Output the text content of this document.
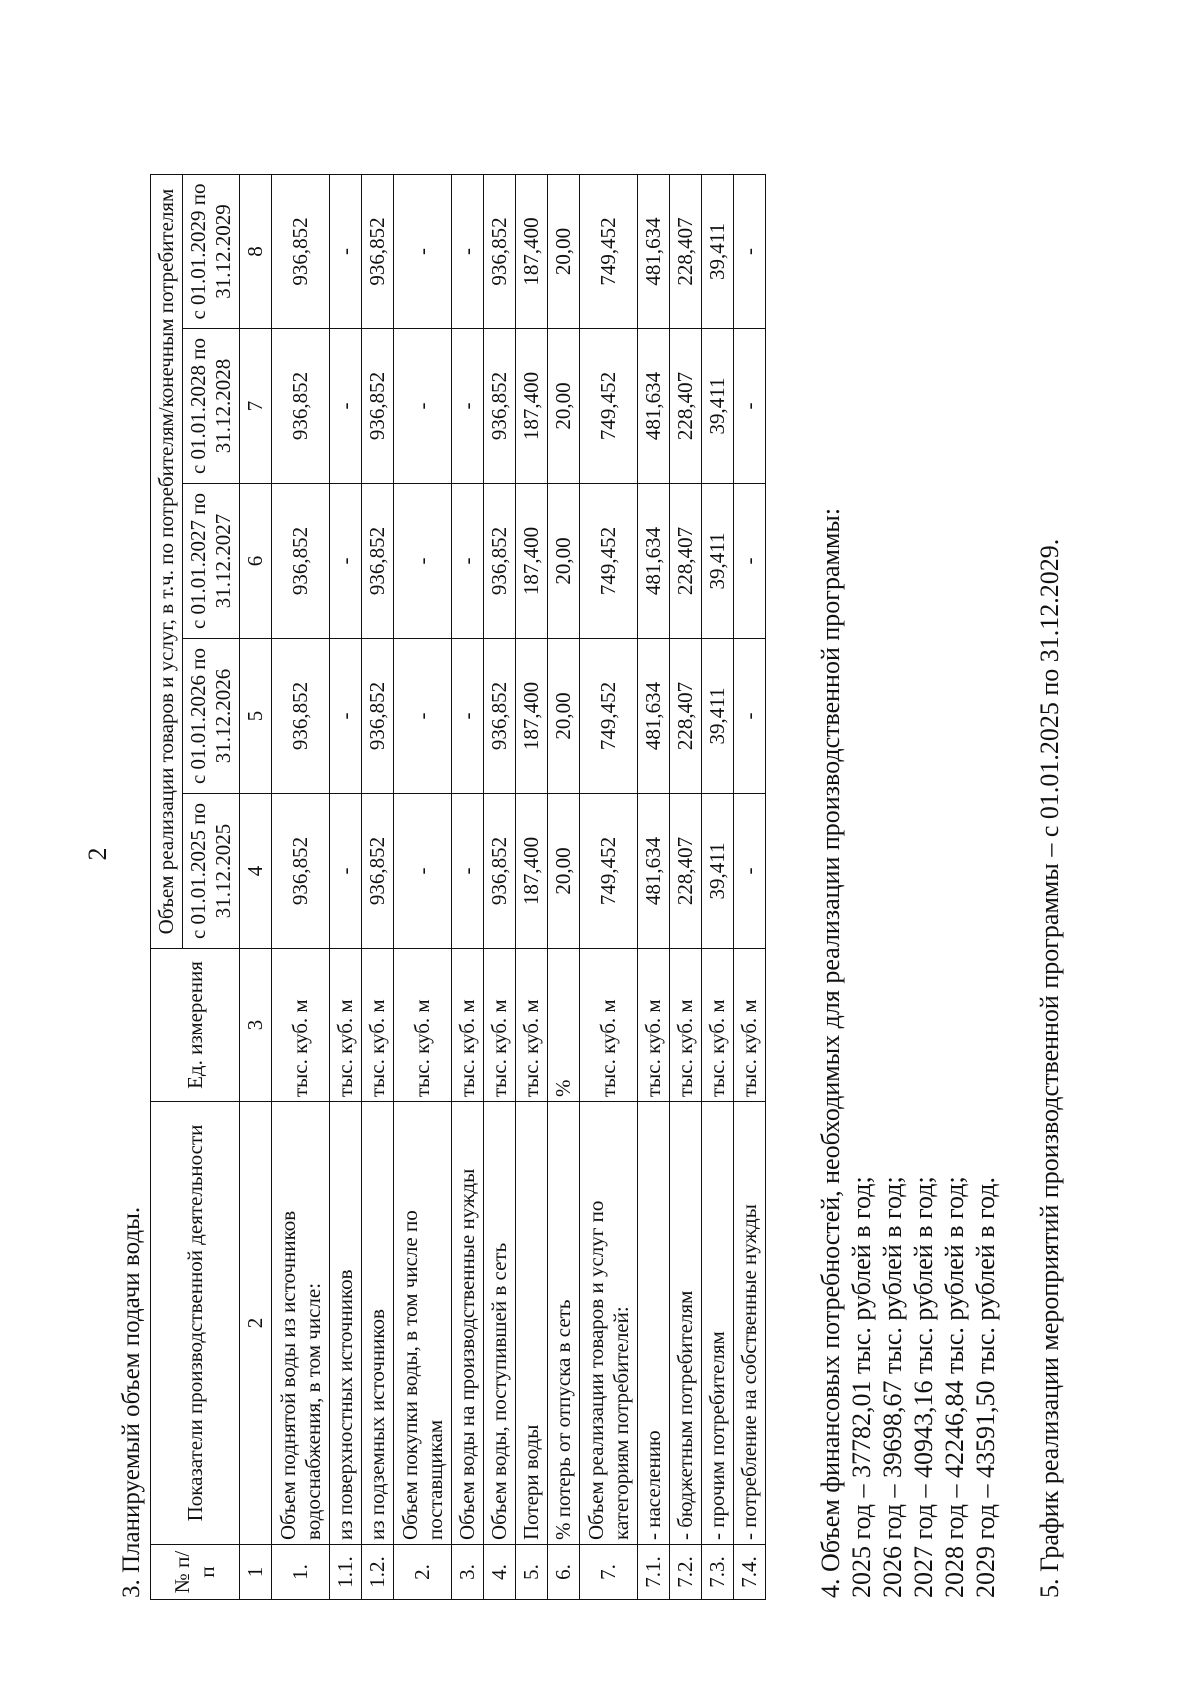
2
3. Планируемый объем подачи воды. № п/п	Показатели производственной деятельности	Ед. измерения	Объем реализации товаров и услуг, в т.ч. по потребителям/конечным потребителям				
			с 01.01.2025 по 31.12.2025	с 01.01.2026 по 31.12.2026	с 01.01.2027 по 31.12.2027	с 01.01.2028 по 31.12.2028	с 01.01.2029 по 31.12.2029
1	2	3	4	5	6	7	8
1.	Объем поднятой воды из источников водоснабжения, в том числе:	тыс. куб. м	936,852	936,852	936,852	936,852	936,852
1.1.	из поверхностных источников	тыс. куб. м	-	-	-	-	-
1.2.	из подземных источников	тыс. куб. м	936,852	936,852	936,852	936,852	936,852
2.	Объем покупки воды, в том числе по поставщикам	тыс. куб. м	-	-	-	-	-
3.	Объем воды на производственные нужды	тыс. куб. м	-	-	-	-	-
4.	Объем воды, поступившей в сеть	тыс. куб. м	936,852	936,852	936,852	936,852	936,852
5.	Потери воды	тыс. куб. м	187,400	187,400	187,400	187,400	187,400
6.	% потерь от отпуска в сеть	%	20,00	20,00	20,00	20,00	20,00
7.	Объем реализации товаров и услуг по категориям потребителей:	тыс. куб. м	749,452	749,452	749,452	749,452	749,452
7.1.	- населению	тыс. куб. м	481,634	481,634	481,634	481,634	481,634
7.2.	- бюджетным потребителям	тыс. куб. м	228,407	228,407	228,407	228,407	228,407
7.3.	- прочим потребителям	тыс. куб. м	39,411	39,411	39,411	39,411	39,411
7.4.	- потребление на собственные нужды	тыс. куб. м	-	-	-	-	-
4. Объем финансовых потребностей, необходимых для реализации производственной программы: 2025 год – 37782,01 тыс. рублей в год; 2026 год – 39698,67 тыс. рублей в год; 2027 год – 40943,16 тыс. рублей в год; 2028 год – 42246,84 тыс. рублей в год; 2029 год – 43591,50 тыс. рублей в год. 5. График реализации мероприятий производственной программы – с 01.01.2025 по 31.12.2029.
